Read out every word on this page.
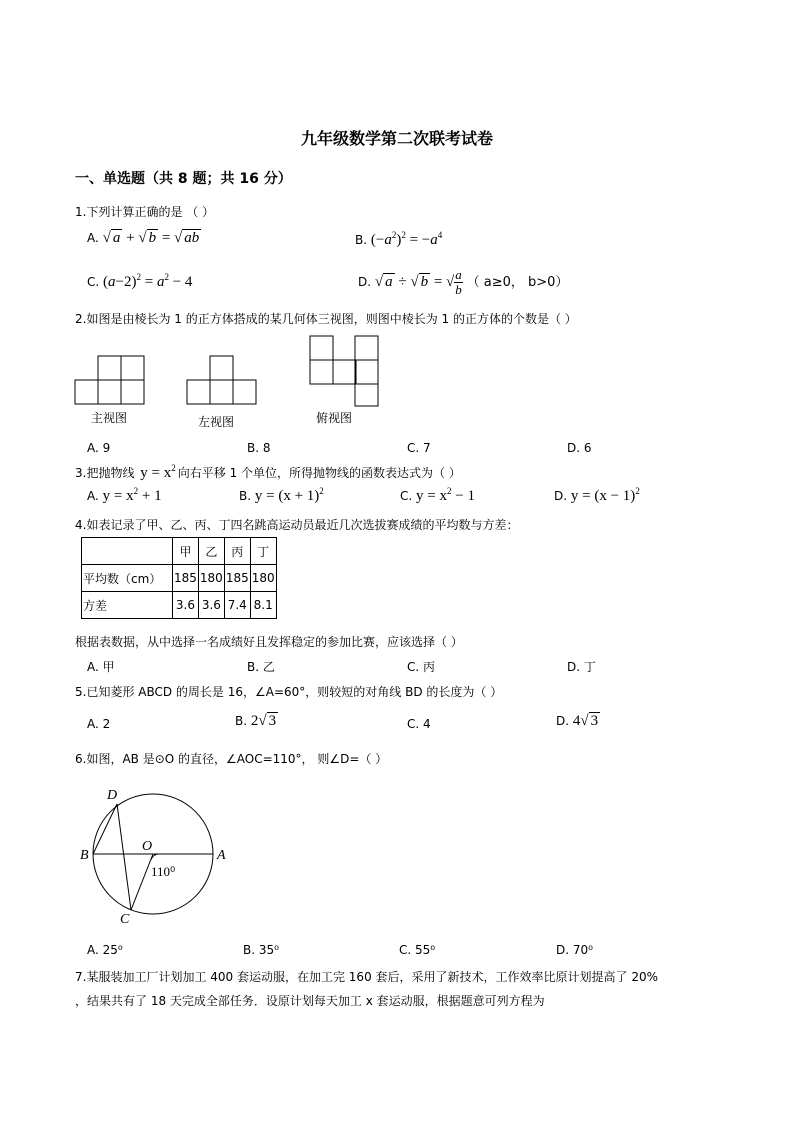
九年级数学第二次联考试卷
一、单选题（共 8 题；共 16 分）
1.下列计算正确的是 （ ）
A. √ a + √ b = √ ab	B. $(-a^2)^2 = -a^4$
C. $(a-2)^2 = a^2 - 4$	D. √ a ÷ √ b = √ $\frac{a}{b}$ （ a≥0， b>0）
2.如图是由棱长为 1 的正方体搭成的某几何体三视图，则图中棱长为 1 的正方体的个数是（ ）
主视图	左视图	俯视图
A. 9	B. 8	C. 7	D. 6
3.把抛物线 $y = x^2$ 向右平移 1 个单位，所得抛物线的函数表达式为（ ）
A. $y = x^2 + 1$	B. $y = (x + 1)^2$	C. $y = x^2 - 1$	D. $y = (x - 1)^2$
4.如表记录了甲、乙、丙、丁四名跳高运动员最近几次选拔赛成绩的平均数与方差：
	甲	乙	丙	丁
平均数（cm）	185	180	185	180
方差	3.6	3.6	7.4	8.1
根据表数据，从中选择一名成绩好且发挥稳定的参加比赛，应该选择（ ）
A. 甲	B. 乙	C. 丙	D. 丁
5.已知菱形 ABCD 的周长是 16，∠A=60°，则较短的对角线 BD 的长度为（ ）
A. 2	B. 2√ 3	C. 4	D. 4√ 3
6.如图，AB 是⊙O 的直径，∠AOC=110°， 则∠D=（ ）
D
B	A
O
C
110⁰
A. 25⁰	B. 35⁰	C. 55⁰	D. 70⁰
7.某服装加工厂计划加工 400 套运动服，在加工完 160 套后，采用了新技术，工作效率比原计划提高了 20%
，结果共有了 18 天完成全部任务．设原计划每天加工 x 套运动服，根据题意可列方程为
